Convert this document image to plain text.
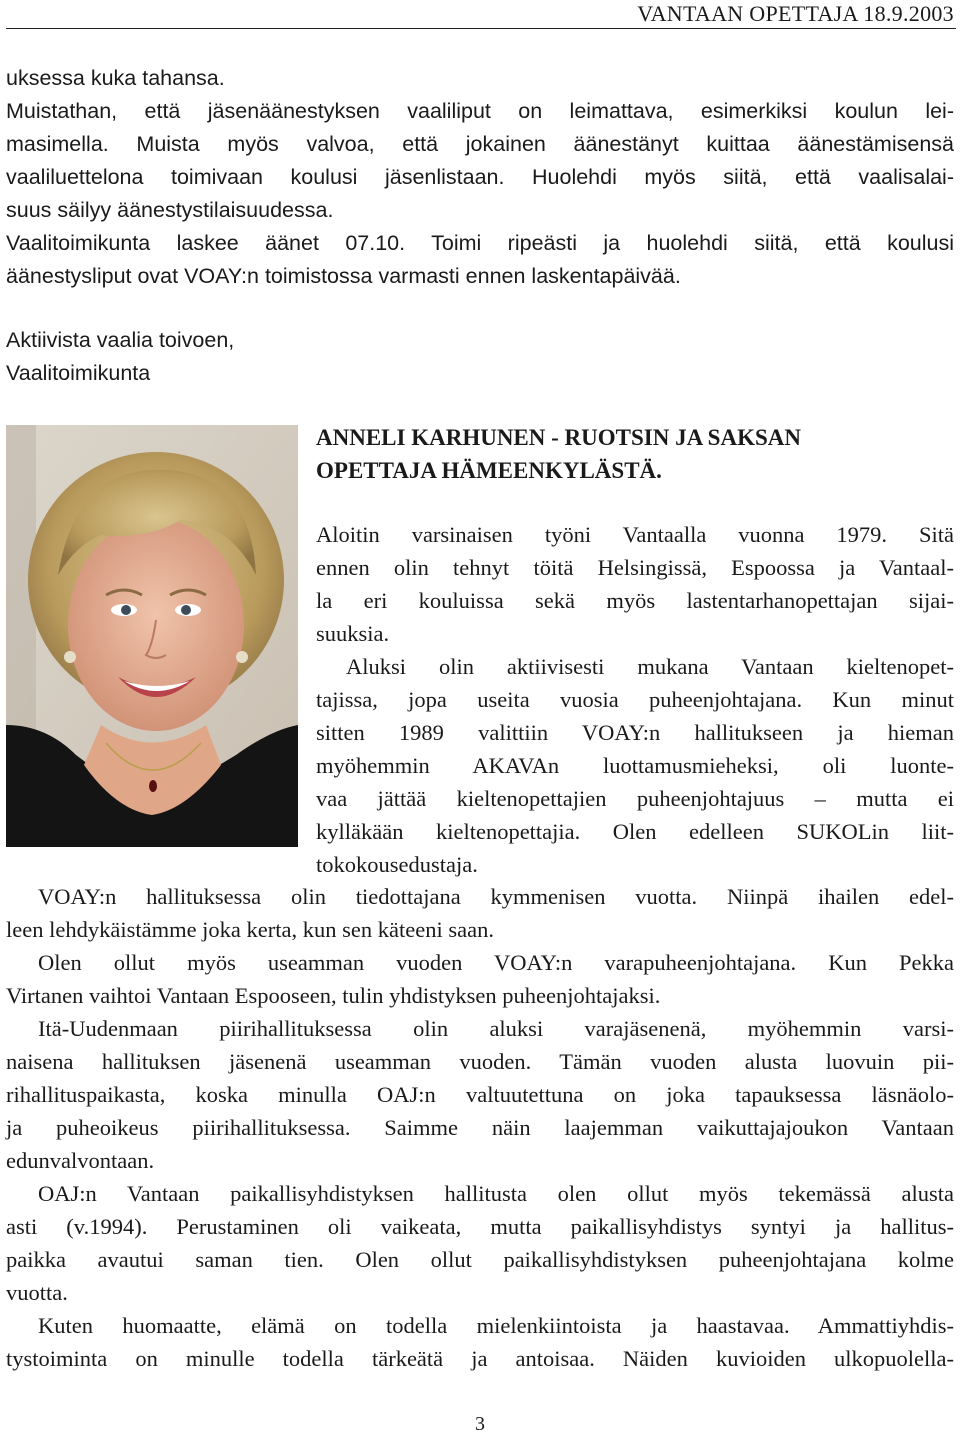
VANTAAN OPETTAJA 18.9.2003
uksessa kuka tahansa.
Muistathan, että jäsenäänestyksen vaaliliput on leimattava, esimerkiksi koulun lei-
masimella. Muista myös valvoa, että jokainen äänestänyt kuittaa äänestämisensä
vaaliluettelona toimivaan koulusi jäsenlistaan. Huolehdi myös siitä, että vaalisalai-
suus säilyy äänestystilaisuudessa.
Vaalitoimikunta laskee äänet 07.10. Toimi ripeästi ja huolehdi siitä, että koulusi
äänestysliput ovat VOAY:n toimistossa varmasti ennen laskentapäivää.
Aktiivista vaalia toivoen,
Vaalitoimikunta
ANNELI KARHUNEN - RUOTSIN JA SAKSAN
OPETTAJA HÄMEENKYLÄSTÄ.
Aloitin varsinaisen työni Vantaalla vuonna 1979. Sitä
ennen olin tehnyt töitä Helsingissä, Espoossa ja Vantaal-
la eri kouluissa sekä myös lastentarhanopettajan sijai-
suuksia.
Aluksi olin aktiivisesti mukana Vantaan kieltenopet-
tajissa, jopa useita vuosia puheenjohtajana. Kun minut
sitten 1989 valittiin VOAY:n hallitukseen ja hieman
myöhemmin AKAVAn luottamusmieheksi, oli luonte-
vaa jättää kieltenopettajien puheenjohtajuus – mutta ei
kylläkään kieltenopettajia. Olen edelleen SUKOLin liit-
tokokousedustaja.
VOAY:n hallituksessa olin tiedottajana kymmenisen vuotta. Niinpä ihailen edel-
leen lehdykäistämme joka kerta, kun sen käteeni saan.
Olen ollut myös useamman vuoden VOAY:n varapuheenjohtajana. Kun Pekka
Virtanen vaihtoi Vantaan Espooseen, tulin yhdistyksen puheenjohtajaksi.
Itä-Uudenmaan piirihallituksessa olin aluksi varajäsenenä, myöhemmin varsi-
naisena hallituksen jäsenenä useamman vuoden. Tämän vuoden alusta luovuin pii-
rihallituspaikasta, koska minulla OAJ:n valtuutettuna on joka tapauksessa läsnäolo-
ja puheoikeus piirihallituksessa. Saimme näin laajemman vaikuttajajoukon Vantaan
edunvalvontaan.
OAJ:n Vantaan paikallisyhdistyksen hallitusta olen ollut myös tekemässä alusta
asti (v.1994). Perustaminen oli vaikeata, mutta paikallisyhdistys syntyi ja hallitus-
paikka avautui saman tien. Olen ollut paikallisyhdistyksen puheenjohtajana kolme
vuotta.
Kuten huomaatte, elämä on todella mielenkiintoista ja haastavaa. Ammattiyhdis-
tystoiminta on minulle todella tärkeätä ja antoisaa. Näiden kuvioiden ulkopuolella-
3
